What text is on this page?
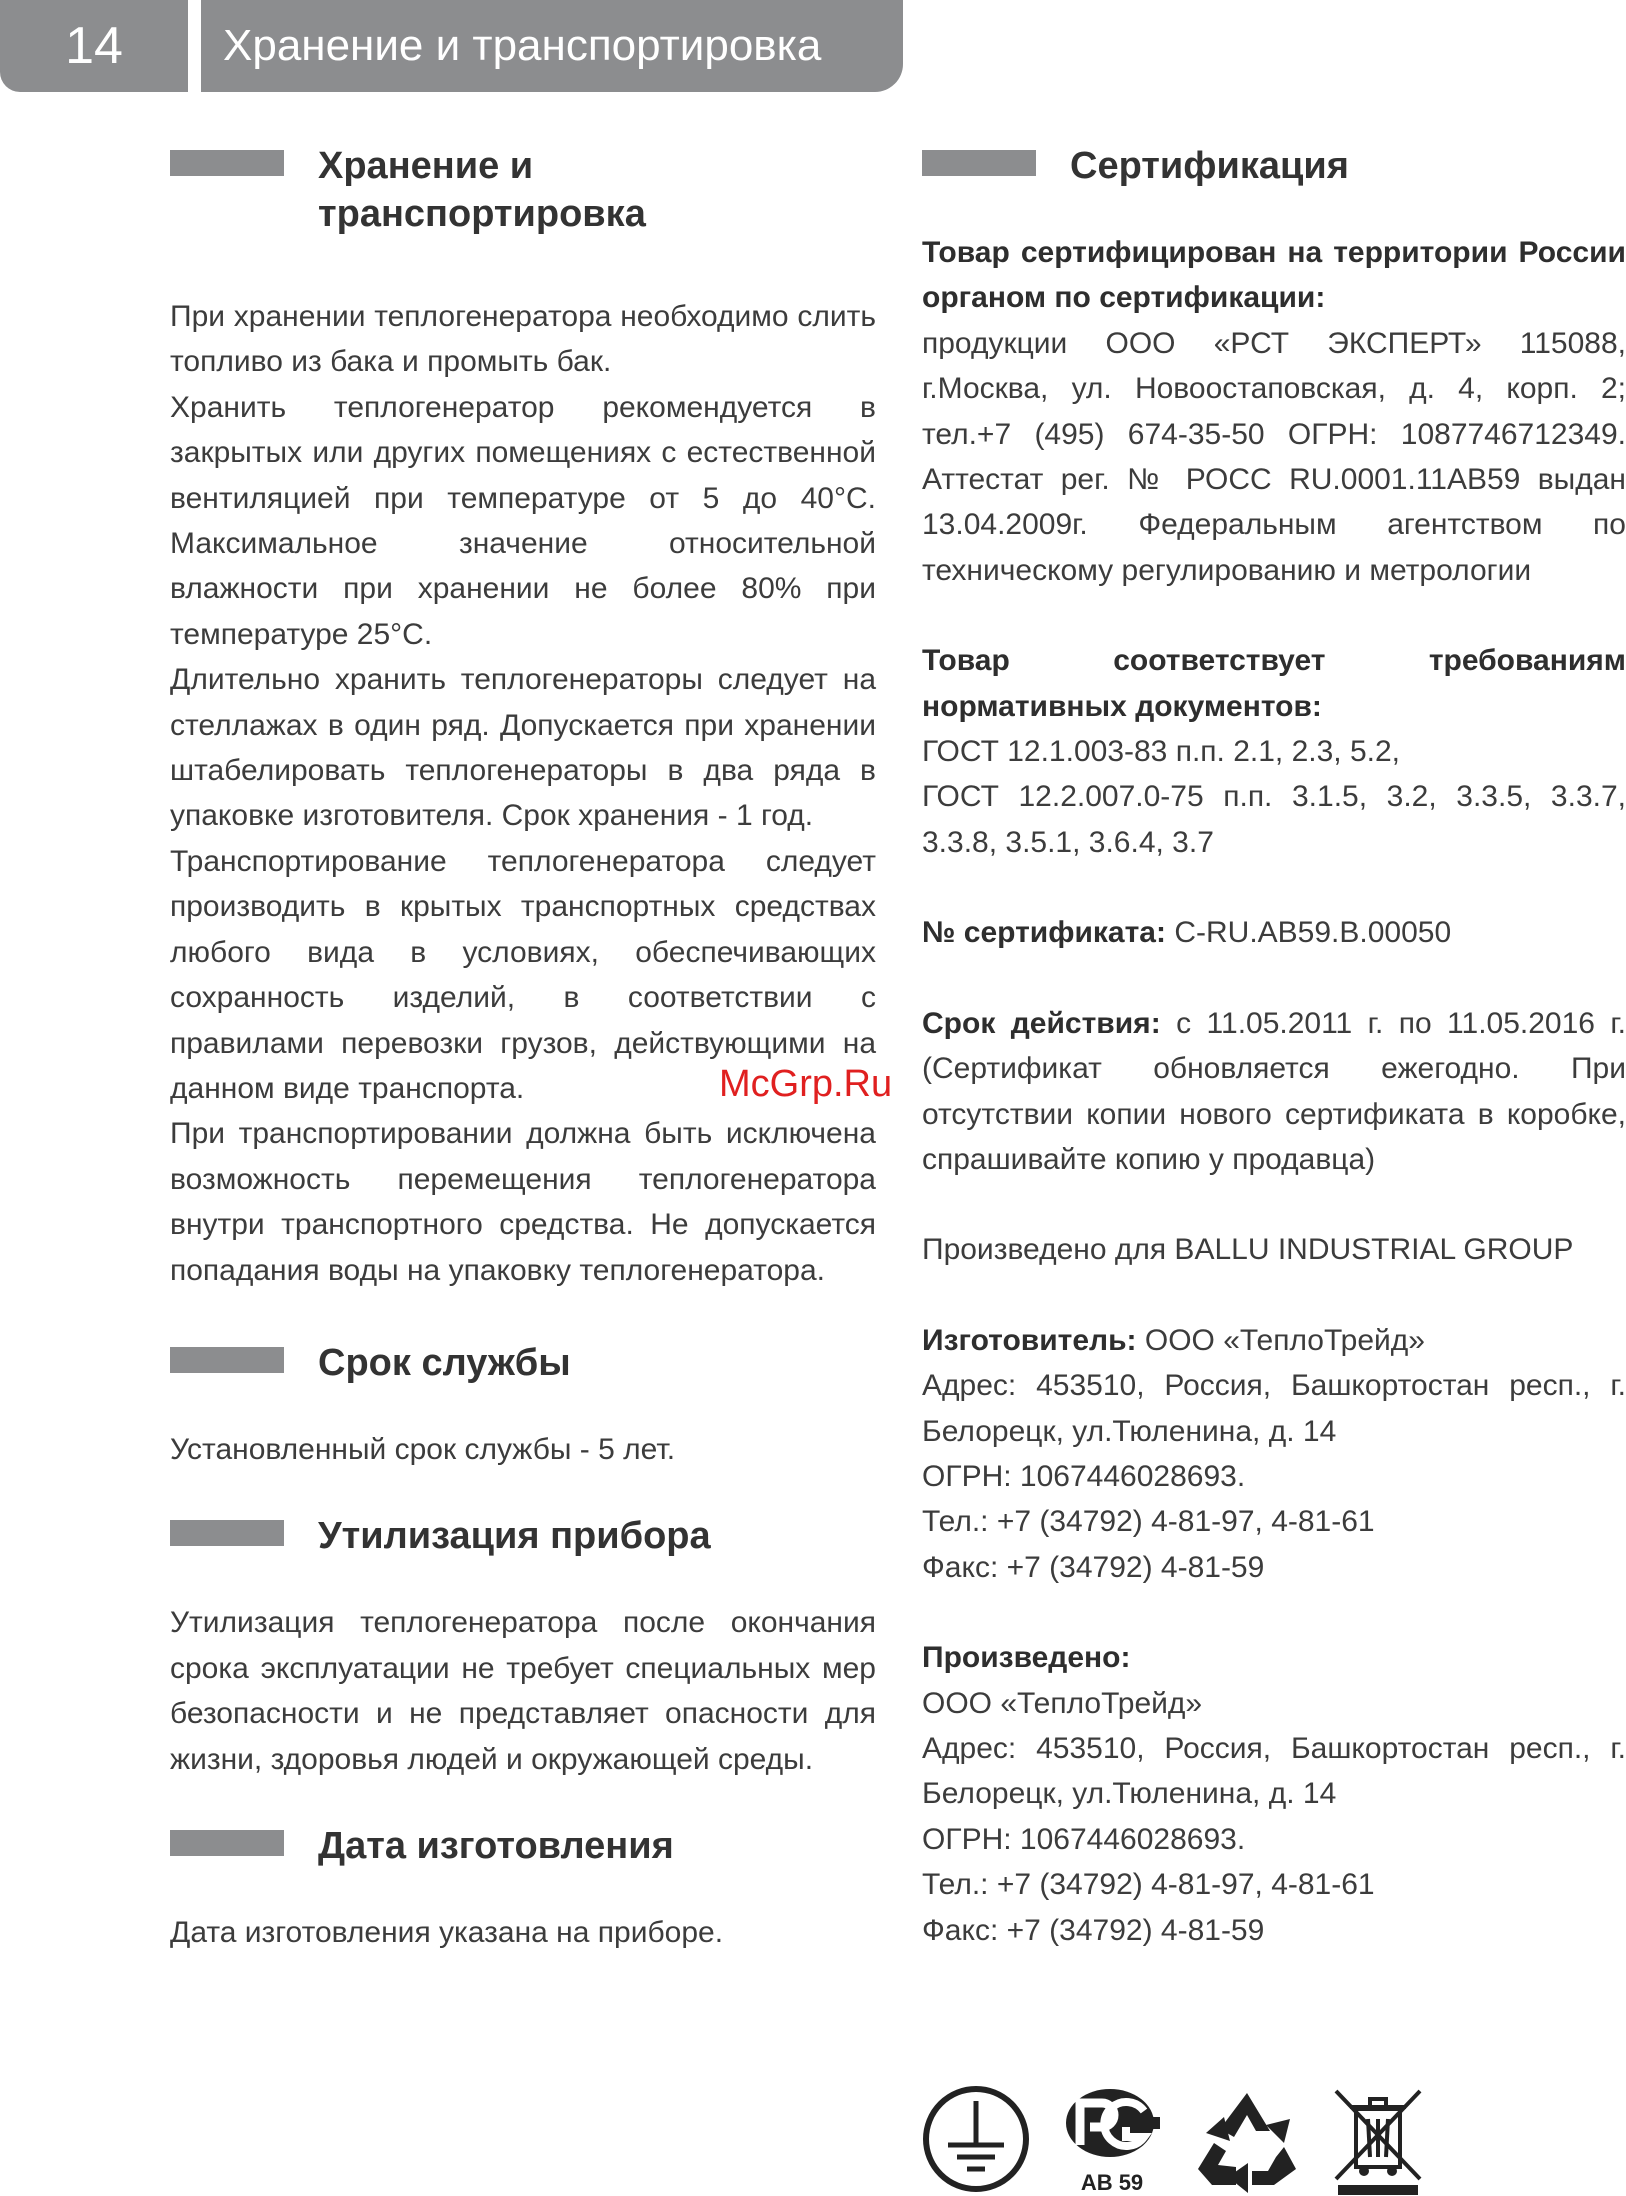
14	Хранение и транспортировка
Хранение и транспортировка
При хранении теплогенератора необходимо слить топливо из бака и промыть бак.
Хранить теплогенератор рекомендуется в закрытых или других помещениях с естественной вентиляцией при температуре от 5 до 40°С. Максимальное значение относительной влажности при хранении не более 80% при температуре 25°С.
Длительно хранить теплогенераторы следует на стеллажах в один ряд. Допускается при хранении штабелировать теплогенераторы в два ряда в упаковке изготовителя. Срок хранения - 1 год.
Транспортирование теплогенератора следует производить в крытых транспортных средствах любого вида в условиях, обеспечивающих сохранность изделий, в соответствии с правилами перевозки грузов, действующими на данном виде транспорта.
При транспортировании должна быть исключена возможность перемещения теплогенератора внутри транспортного средства. Не допускается попадания воды на упаковку теплогенератора.
Срок службы
Установленный срок службы - 5 лет.
Утилизация прибора
Утилизация теплогенератора после окончания срока эксплуатации не требует специальных мер безопасности и не представляет опасности для жизни, здоровья людей и окружающей среды.
Дата изготовления
Дата изготовления указана на приборе.
Сертификация
Товар сертифицирован на территории России органом по сертификации:
продукции ООО «РСТ ЭКСПЕРТ» 115088, г.Москва, ул. Новоостаповская, д. 4, корп. 2; тел.+7 (495) 674-35-50 ОГРН: 1087746712349. Аттестат рег. № РОСС RU.0001.11АВ59 выдан 13.04.2009г. Федеральным агентством по техническому регулированию и метрологии
Товар соответствует требованиям нормативных документов:
ГОСТ 12.1.003-83 п.п. 2.1, 2.3, 5.2,
ГОСТ 12.2.007.0-75 п.п. 3.1.5, 3.2, 3.3.5, 3.3.7, 3.3.8, 3.5.1, 3.6.4, 3.7
№ сертификата: C-RU.AB59.B.00050
Срок действия: с 11.05.2011 г. по 11.05.2016 г. (Сертификат обновляется ежегодно. При отсутствии копии нового сертификата в коробке, спрашивайте копию у продавца)
Произведено для BALLU INDUSTRIAL GROUP
Изготовитель: ООО «ТеплоТрейд»
Адрес: 453510, Россия, Башкортостан респ., г. Белорецк, ул.Тюленина, д. 14
ОГРН: 1067446028693.
Тел.: +7 (34792) 4-81-97, 4-81-61
Факс: +7 (34792) 4-81-59
Произведено:
ООО «ТеплоТрейд»
Адрес: 453510, Россия, Башкортостан респ., г. Белорецк, ул.Тюленина, д. 14
ОГРН: 1067446028693.
Тел.: +7 (34792) 4-81-97, 4-81-61
Факс: +7 (34792) 4-81-59
McGrp.Ru
АВ 59
